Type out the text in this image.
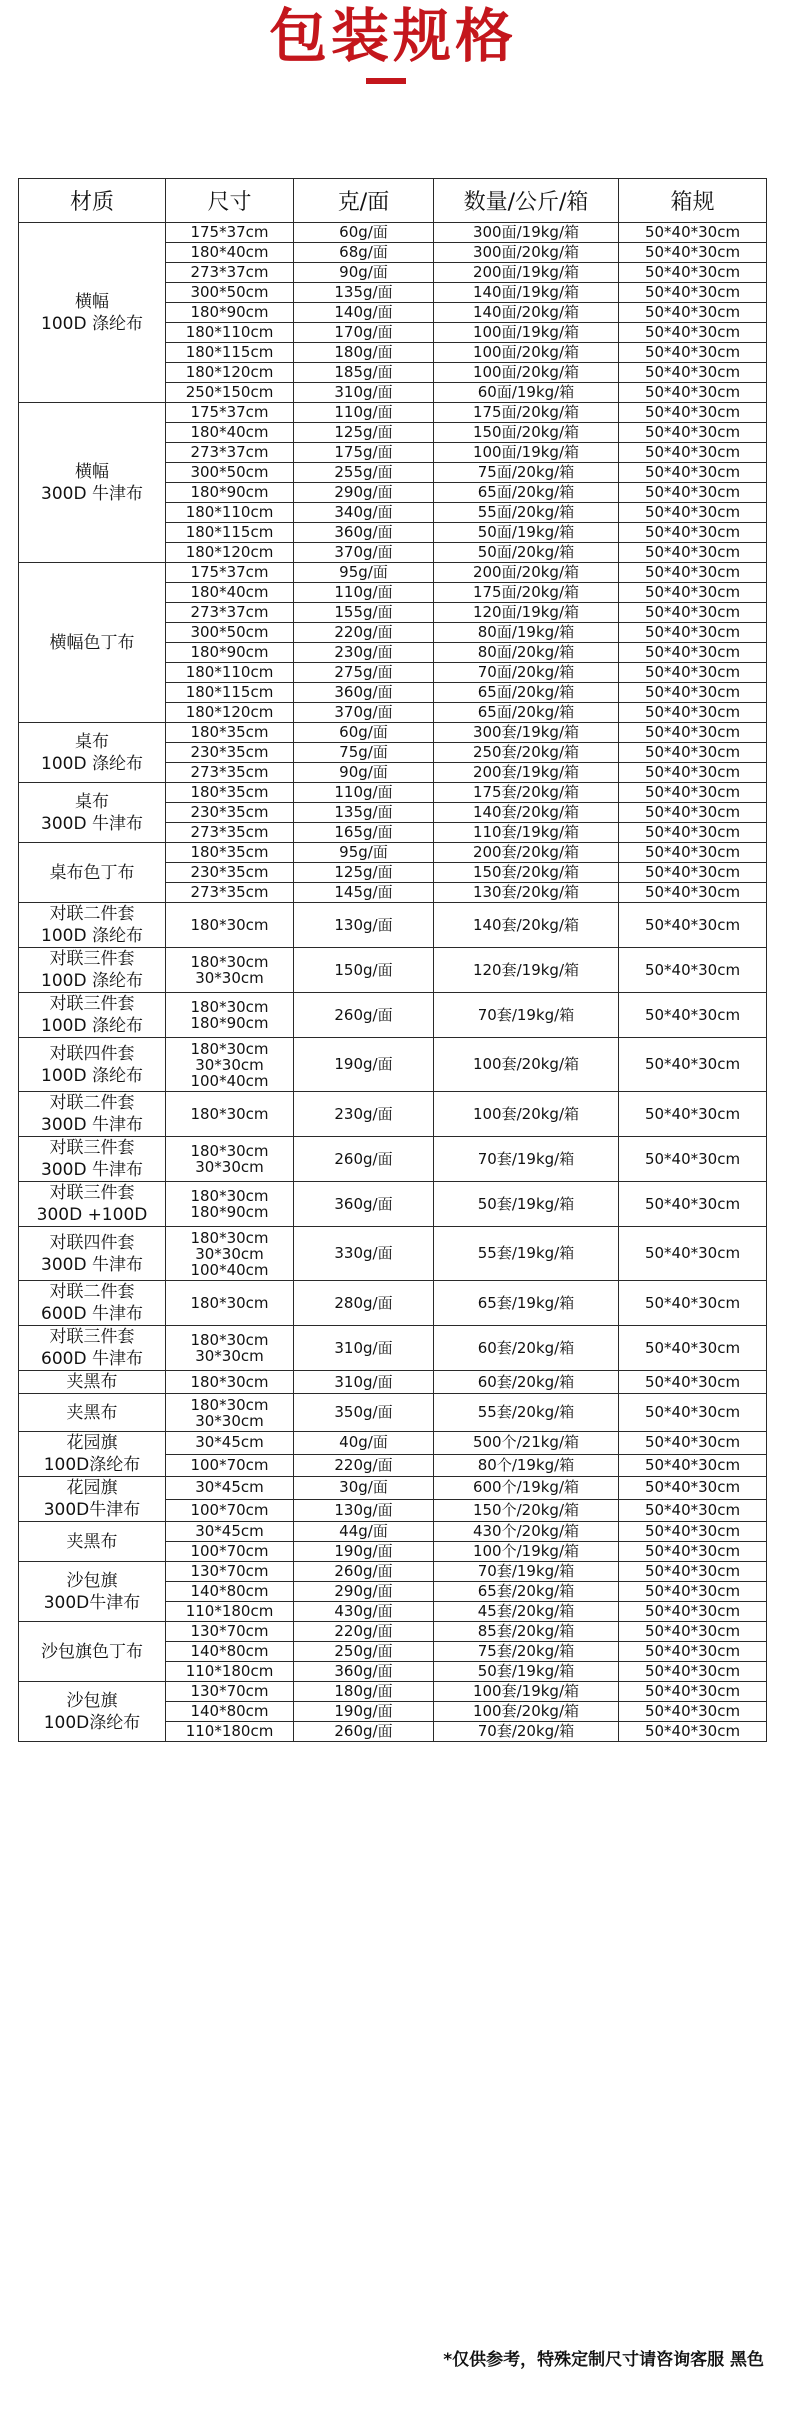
包装规格
材质	尺寸	克/面	数量/公斤/箱	箱规

横幅
100D 涤纶布	175*37cm	60g/面	300面/19kg/箱	50*40*30cm

	180*40cm	68g/面	300面/20kg/箱	50*40*30cm

	273*37cm	90g/面	200面/19kg/箱	50*40*30cm

	300*50cm	135g/面	140面/19kg/箱	50*40*30cm

	180*90cm	140g/面	140面/20kg/箱	50*40*30cm

	180*110cm	170g/面	100面/19kg/箱	50*40*30cm

	180*115cm	180g/面	100面/20kg/箱	50*40*30cm

	180*120cm	185g/面	100面/20kg/箱	50*40*30cm

	250*150cm	310g/面	60面/19kg/箱	50*40*30cm

横幅
300D 牛津布	175*37cm	110g/面	175面/20kg/箱	50*40*30cm

	180*40cm	125g/面	150面/20kg/箱	50*40*30cm

	273*37cm	175g/面	100面/19kg/箱	50*40*30cm

	300*50cm	255g/面	75面/20kg/箱	50*40*30cm

	180*90cm	290g/面	65面/20kg/箱	50*40*30cm

	180*110cm	340g/面	55面/20kg/箱	50*40*30cm

	180*115cm	360g/面	50面/19kg/箱	50*40*30cm

	180*120cm	370g/面	50面/20kg/箱	50*40*30cm

横幅色丁布	175*37cm	95g/面	200面/20kg/箱	50*40*30cm

	180*40cm	110g/面	175面/20kg/箱	50*40*30cm

	273*37cm	155g/面	120面/19kg/箱	50*40*30cm

	300*50cm	220g/面	80面/19kg/箱	50*40*30cm

	180*90cm	230g/面	80面/20kg/箱	50*40*30cm

	180*110cm	275g/面	70面/20kg/箱	50*40*30cm

	180*115cm	360g/面	65面/20kg/箱	50*40*30cm

	180*120cm	370g/面	65面/20kg/箱	50*40*30cm

桌布
100D 涤纶布	180*35cm	60g/面	300套/19kg/箱	50*40*30cm

	230*35cm	75g/面	250套/20kg/箱	50*40*30cm

	273*35cm	90g/面	200套/19kg/箱	50*40*30cm

桌布
300D 牛津布	180*35cm	110g/面	175套/20kg/箱	50*40*30cm

	230*35cm	135g/面	140套/20kg/箱	50*40*30cm

	273*35cm	165g/面	110套/19kg/箱	50*40*30cm

桌布色丁布	180*35cm	95g/面	200套/20kg/箱	50*40*30cm

	230*35cm	125g/面	150套/20kg/箱	50*40*30cm

	273*35cm	145g/面	130套/20kg/箱	50*40*30cm

对联二件套
100D 涤纶布	180*30cm	130g/面	140套/20kg/箱	50*40*30cm

对联三件套
100D 涤纶布	180*30cm
30*30cm	150g/面	120套/19kg/箱	50*40*30cm

对联三件套
100D 涤纶布	180*30cm
180*90cm	260g/面	70套/19kg/箱	50*40*30cm

对联四件套
100D 涤纶布	180*30cm
30*30cm
100*40cm	190g/面	100套/20kg/箱	50*40*30cm

对联二件套
300D 牛津布	180*30cm	230g/面	100套/20kg/箱	50*40*30cm

对联三件套
300D 牛津布	180*30cm
30*30cm	260g/面	70套/19kg/箱	50*40*30cm

对联三件套
300D +100D	180*30cm
180*90cm	360g/面	50套/19kg/箱	50*40*30cm

对联四件套
300D 牛津布	180*30cm
30*30cm
100*40cm	330g/面	55套/19kg/箱	50*40*30cm

对联二件套
600D 牛津布	180*30cm	280g/面	65套/19kg/箱	50*40*30cm

对联三件套
600D 牛津布	180*30cm
30*30cm	310g/面	60套/20kg/箱	50*40*30cm

夹黑布	180*30cm	310g/面	60套/20kg/箱	50*40*30cm

夹黑布	180*30cm
30*30cm	350g/面	55套/20kg/箱	50*40*30cm

花园旗
100D涤纶布	30*45cm	40g/面	500个/21kg/箱	50*40*30cm

	100*70cm	220g/面	80个/19kg/箱	50*40*30cm

花园旗
300D牛津布	30*45cm	30g/面	600个/19kg/箱	50*40*30cm

	100*70cm	130g/面	150个/20kg/箱	50*40*30cm

夹黑布	30*45cm	44g/面	430个/20kg/箱	50*40*30cm

	100*70cm	190g/面	100个/19kg/箱	50*40*30cm

沙包旗
300D牛津布	130*70cm	260g/面	70套/19kg/箱	50*40*30cm

	140*80cm	290g/面	65套/20kg/箱	50*40*30cm

	110*180cm	430g/面	45套/20kg/箱	50*40*30cm

沙包旗色丁布	130*70cm	220g/面	85套/20kg/箱	50*40*30cm

	140*80cm	250g/面	75套/20kg/箱	50*40*30cm

	110*180cm	360g/面	50套/19kg/箱	50*40*30cm

沙包旗
100D涤纶布	130*70cm	180g/面	100套/19kg/箱	50*40*30cm

	140*80cm	190g/面	100套/20kg/箱	50*40*30cm

	110*180cm	260g/面	70套/20kg/箱	50*40*30cm
*仅供参考，特殊定制尺寸请咨询客服 黑色
